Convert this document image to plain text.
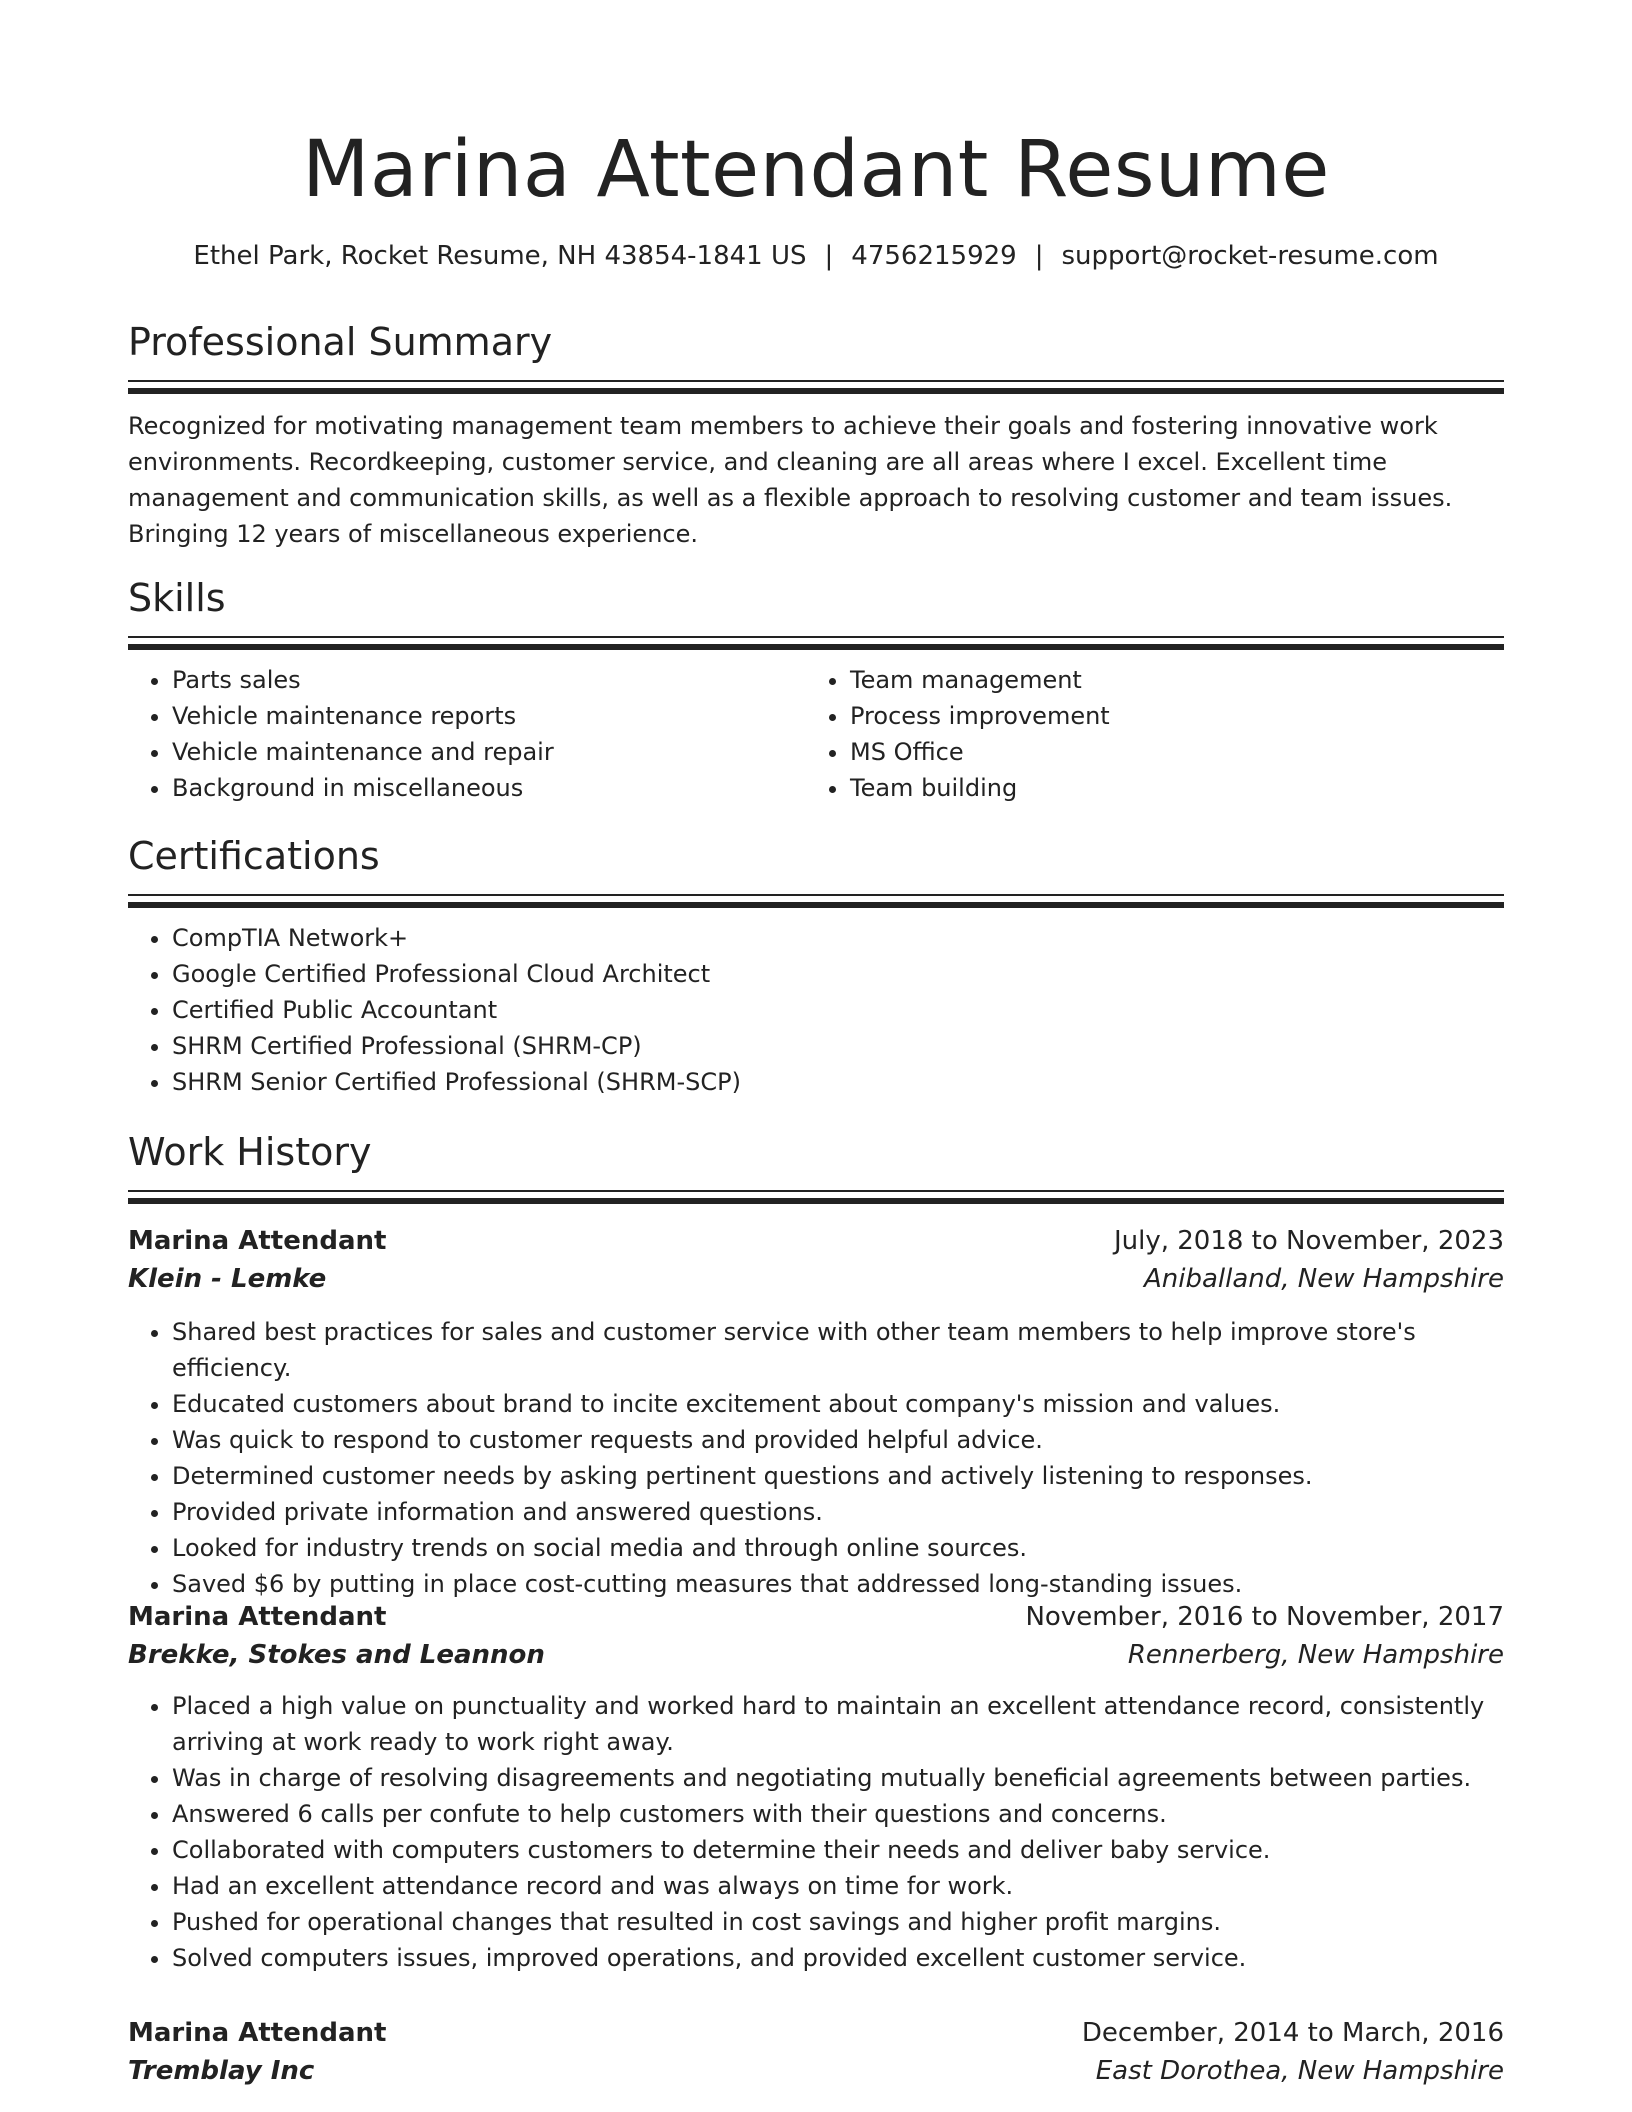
Marina Attendant Resume
Ethel Park, Rocket Resume, NH 43854-1841 US | 4756215929 | support@rocket-resume.com
Professional Summary
Recognized for motivating management team members to achieve their goals and fostering innovative work environments. Recordkeeping, customer service, and cleaning are all areas where I excel. Excellent time management and communication skills, as well as a flexible approach to resolving customer and team issues. Bringing 12 years of miscellaneous experience.
Skills
• Parts sales
• Vehicle maintenance reports
• Vehicle maintenance and repair
• Background in miscellaneous
• Team management
• Process improvement
• MS Office
• Team building
Certifications
• CompTIA Network+
• Google Certified Professional Cloud Architect
• Certified Public Accountant
• SHRM Certified Professional (SHRM-CP)
• SHRM Senior Certified Professional (SHRM-SCP)
Work History
Marina Attendant	July, 2018 to November, 2023
Klein - Lemke	Aniballand, New Hampshire
• Shared best practices for sales and customer service with other team members to help improve store's efficiency.
• Educated customers about brand to incite excitement about company's mission and values.
• Was quick to respond to customer requests and provided helpful advice.
• Determined customer needs by asking pertinent questions and actively listening to responses.
• Provided private information and answered questions.
• Looked for industry trends on social media and through online sources.
• Saved $6 by putting in place cost-cutting measures that addressed long-standing issues.
Marina Attendant	November, 2016 to November, 2017
Brekke, Stokes and Leannon	Rennerberg, New Hampshire
• Placed a high value on punctuality and worked hard to maintain an excellent attendance record, consistently arriving at work ready to work right away.
• Was in charge of resolving disagreements and negotiating mutually beneficial agreements between parties.
• Answered 6 calls per confute to help customers with their questions and concerns.
• Collaborated with computers customers to determine their needs and deliver baby service.
• Had an excellent attendance record and was always on time for work.
• Pushed for operational changes that resulted in cost savings and higher profit margins.
• Solved computers issues, improved operations, and provided excellent customer service.
Marina Attendant	December, 2014 to March, 2016
Tremblay Inc	East Dorothea, New Hampshire
